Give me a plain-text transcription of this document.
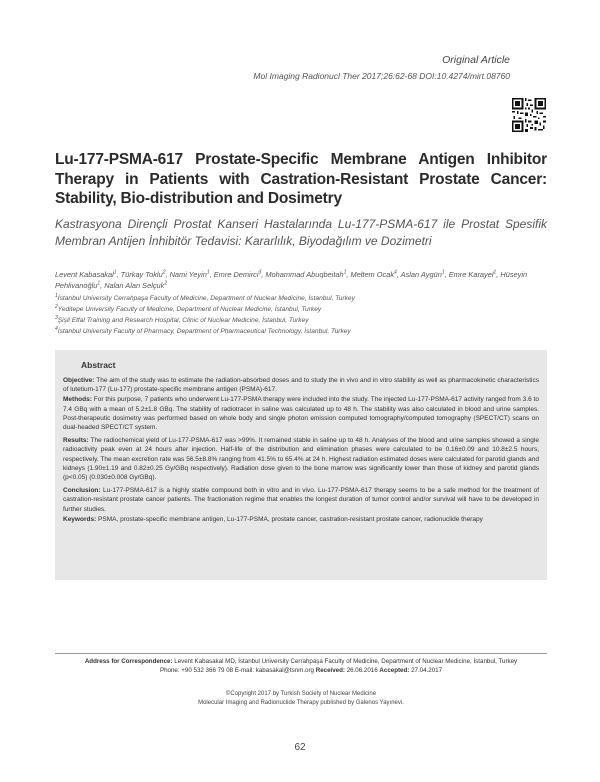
Original Article
Mol Imaging Radionucl Ther 2017;26:62-68 DOI:10.4274/mirt.08760
Lu-177-PSMA-617 Prostate-Specific Membrane Antigen Inhibitor Therapy in Patients with Castration-Resistant Prostate Cancer: Stability, Bio-distribution and Dosimetry
Kastrasyona Dirençli Prostat Kanseri Hastalarında Lu-177-PSMA-617 ile Prostat Spesifik Membran Antijen İnhibitör Tedavisi: Kararlılık, Biyodağılım ve Dozimetri
Levent Kabasakal$^1$, Türkay Toklu$^2$, Nami Yeyin$^1$, Emre Demirci$^3$, Mohammad Abuqbeitah$^1$, Meltem Ocak$^4$, Aslan Aygün$^1$, Emre Karayel$^1$, Hüseyin Pehlivanoğlu$^1$, Nalan Alan Selçuk$^2$
$^1$İstanbul University Cerrahpaşa Faculty of Medicine, Department of Nuclear Medicine, İstanbul, Turkey
$^2$Yeditepe University Faculty of Medicine, Department of Nuclear Medicine, İstanbul, Turkey
$^3$Şişli Etfal Training and Research Hospital, Clinic of Nuclear Medicine, İstanbul, Turkey
$^4$İstanbul University Faculty of Pharmacy, Department of Pharmaceutical Technology, İstanbul, Turkey
Abstract
Objective: The aim of the study was to estimate the radiation-absorbed doses and to study the in vivo and in vitro stability as well as pharmacokinetic characteristics of lutetium-177 (Lu-177) prostate-specific membrane antigen (PSMA)-617.
Methods: For this purpose, 7 patients who underwent Lu-177-PSMA therapy were included into the study. The injected Lu-177-PSMA-617 activity ranged from 3.6 to 7.4 GBq with a mean of 5.2±1.8 GBq. The stability of radiotracer in saline was calculated up to 48 h. The stability was also calculated in blood and urine samples. Post-therapeutic dosimetry was performed based on whole body and single photon emission computed tomography/computed tomography (SPECT/CT) scans on dual-headed SPECT/CT system.
Results: The radiochemical yield of Lu-177-PSMA-617 was >99%. It remained stable in saline up to 48 h. Analyses of the blood and urine samples showed a single radioactivity peak even at 24 hours after injection. Half-life of the distribution and elimination phases were calculated to be 0.16±0.09 and 10.8±2.5 hours, respectively. The mean excretion rate was 56.5±8.8% ranging from 41.5% to 65.4% at 24 h. Highest radiation estimated doses were calculated for parotid glands and kidneys (1.90±1.19 and 0.82±0.25 Gy/GBq respectively). Radiation dose given to the bone marrow was significantly lower than those of kidney and parotid glands (p<0.05) (0.030±0.008 Gy/GBq).
Conclusion: Lu-177-PSMA-617 is a highly stable compound both in vitro and in vivo. Lu-177-PSMA-617 therapy seems to be a safe method for the treatment of castration-resistant prostate cancer patients. The fractionation regime that enables the longest duration of tumor control and/or survival will have to be developed in further studies.
Keywords: PSMA, prostate-specific membrane antigen, Lu-177-PSMA, prostate cancer, castration-resistant prostate cancer, radionuclide therapy
Address for Correspondence: Levent Kabasakal MD, İstanbul University Cerrahpaşa Faculty of Medicine, Department of Nuclear Medicine, İstanbul, Turkey
Phone: +90 532 366 79 08 E-mail: kabasakal@tsnm.org Received: 26.06.2016 Accepted: 27.04.2017
©Copyright 2017 by Turkish Society of Nuclear Medicine
Molecular Imaging and Radionuclide Therapy published by Galenos Yayınevi.
62
